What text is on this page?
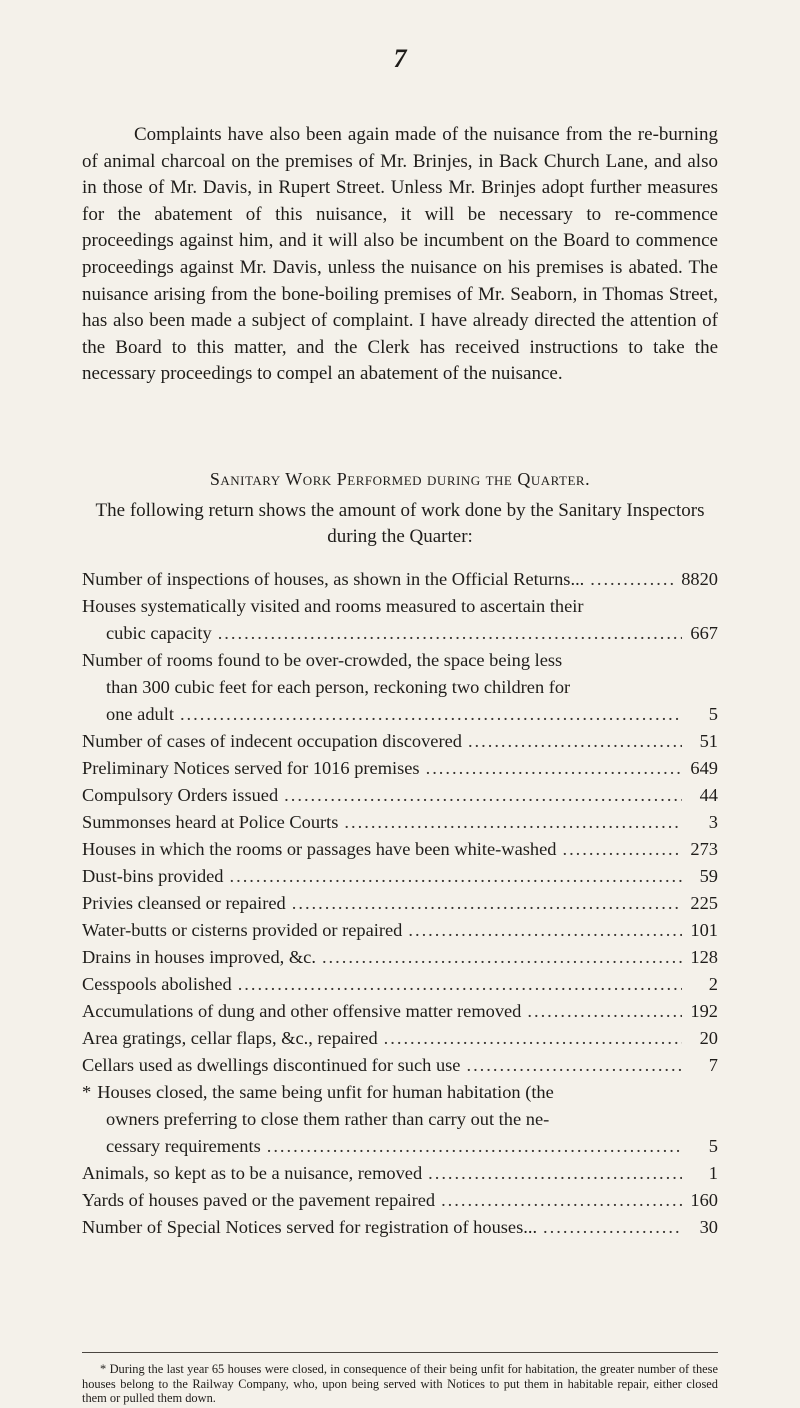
7

Complaints have also been again made of the nuisance from the re-burning of animal charcoal on the premises of Mr. Brinjes, in Back Church Lane, and also in those of Mr. Davis, in Rupert Street. Unless Mr. Brinjes adopt further measures for the abatement of this nuisance, it will be necessary to re-commence proceedings against him, and it will also be incumbent on the Board to commence proceedings against Mr. Davis, unless the nuisance on his premises is abated. The nuisance arising from the bone-boiling premises of Mr. Seaborn, in Thomas Street, has also been made a subject of complaint. I have already directed the attention of the Board to this matter, and the Clerk has received instructions to take the necessary proceedings to compel an abatement of the nuisance.

Sanitary Work Performed during the Quarter.

The following return shows the amount of work done by the Sanitary Inspectors during the Quarter:

Number of inspections of houses, as shown in the Official Returns... .....	8820
Houses systematically visited and rooms measured to ascertain their
cubic capacity .....	667
Number of rooms found to be over-crowded, the space being less
than 300 cubic feet for each person, reckoning two children for
one adult .....	5
Number of cases of indecent occupation discovered .....	51
Preliminary Notices served for 1016 premises .....	649
Compulsory Orders issued .....	44
Summonses heard at Police Courts .....	3
Houses in which the rooms or passages have been white-washed .....	273
Dust-bins provided .....	59
Privies cleansed or repaired .....	225
Water-butts or cisterns provided or repaired .....	101
Drains in houses improved, &c. .....	128
Cesspools abolished .....	2
Accumulations of dung and other offensive matter removed .....	192
Area gratings, cellar flaps, &c., repaired .....	20
Cellars used as dwellings discontinued for such use .....	7
* Houses closed, the same being unfit for human habitation (the
owners preferring to close them rather than carry out the ne-
cessary requirements .....	5
Animals, so kept as to be a nuisance, removed .....	1
Yards of houses paved or the pavement repaired .....	160
Number of Special Notices served for registration of houses... .....	30

* During the last year 65 houses were closed, in consequence of their being unfit for habitation, the greater number of these houses belong to the Railway Company, who, upon being served with Notices to put them in habitable repair, either closed them or pulled them down.
